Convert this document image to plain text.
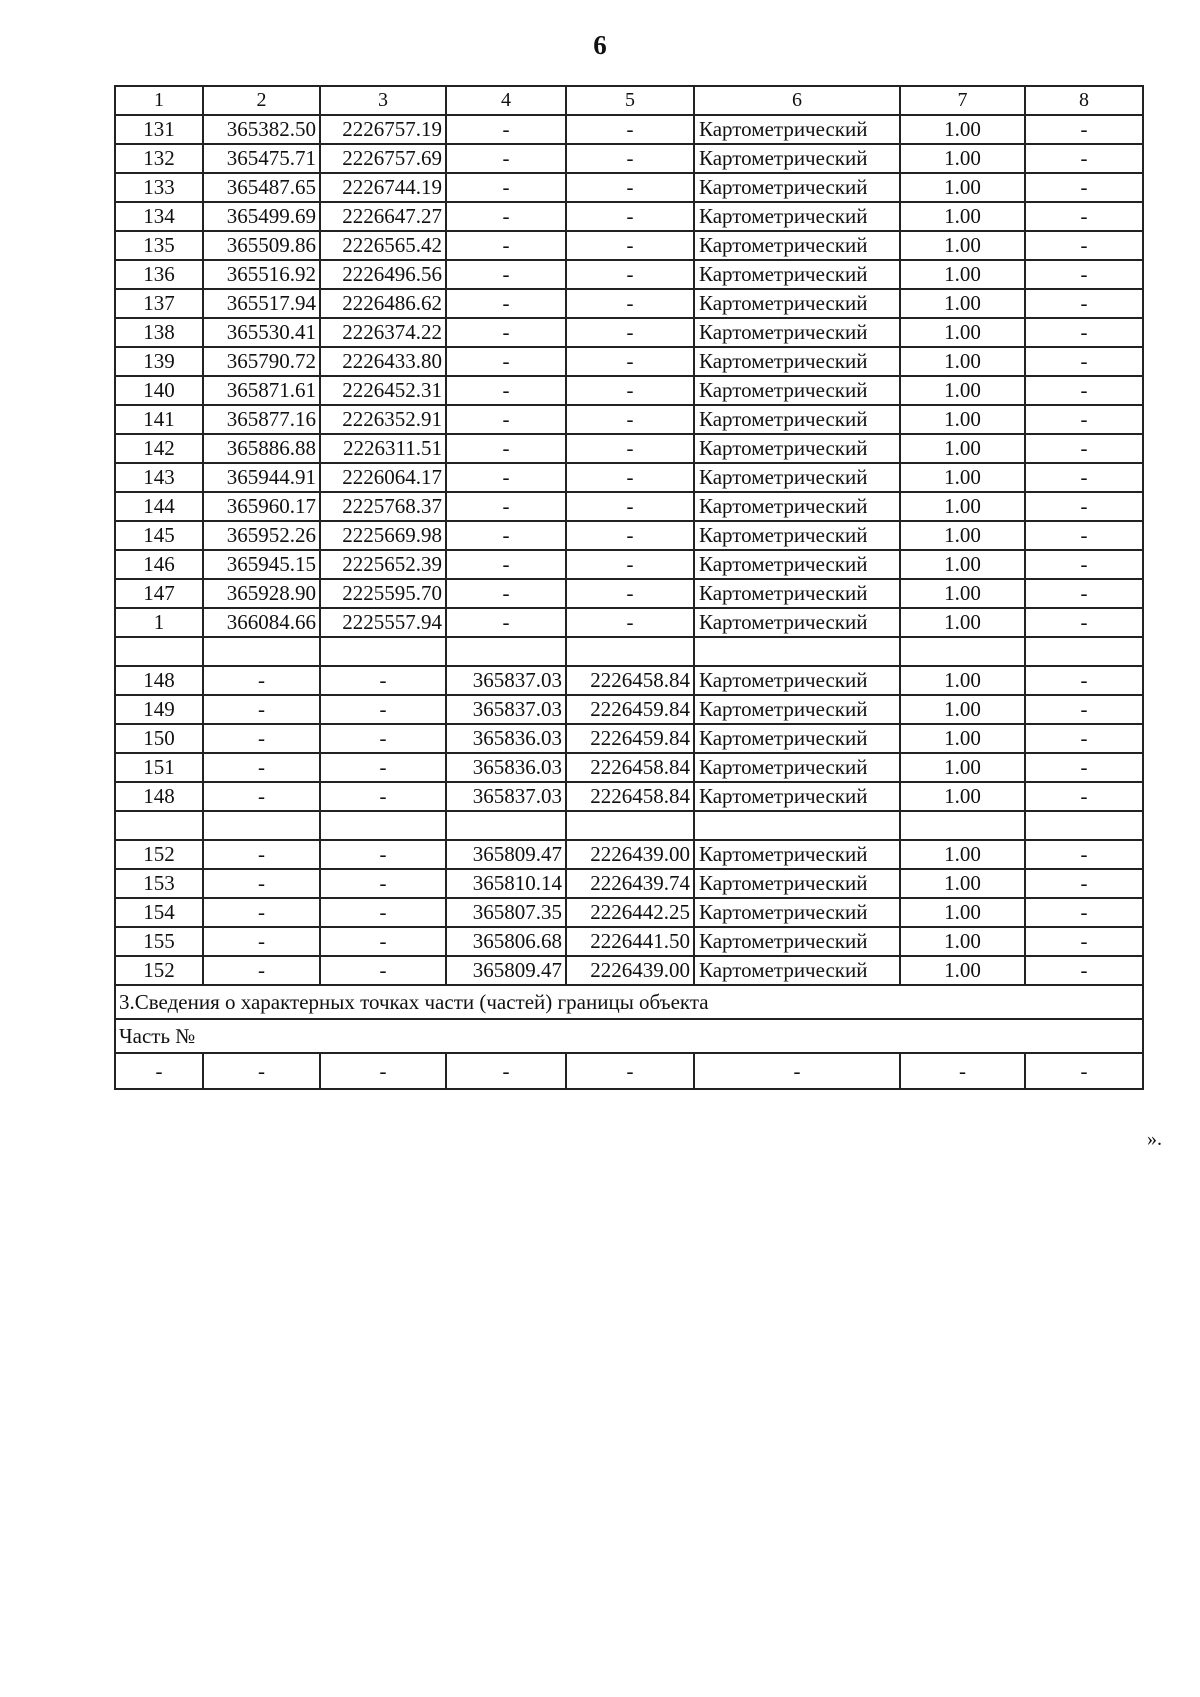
6
1	2	3	4	5	6	7	8
131	365382.50	2226757.19	-	-	Картометрический	1.00	-
132	365475.71	2226757.69	-	-	Картометрический	1.00	-
133	365487.65	2226744.19	-	-	Картометрический	1.00	-
134	365499.69	2226647.27	-	-	Картометрический	1.00	-
135	365509.86	2226565.42	-	-	Картометрический	1.00	-
136	365516.92	2226496.56	-	-	Картометрический	1.00	-
137	365517.94	2226486.62	-	-	Картометрический	1.00	-
138	365530.41	2226374.22	-	-	Картометрический	1.00	-
139	365790.72	2226433.80	-	-	Картометрический	1.00	-
140	365871.61	2226452.31	-	-	Картометрический	1.00	-
141	365877.16	2226352.91	-	-	Картометрический	1.00	-
142	365886.88	2226311.51	-	-	Картометрический	1.00	-
143	365944.91	2226064.17	-	-	Картометрический	1.00	-
144	365960.17	2225768.37	-	-	Картометрический	1.00	-
145	365952.26	2225669.98	-	-	Картометрический	1.00	-
146	365945.15	2225652.39	-	-	Картометрический	1.00	-
147	365928.90	2225595.70	-	-	Картометрический	1.00	-
1	366084.66	2225557.94	-	-	Картометрический	1.00	-

148	-	-	365837.03	2226458.84	Картометрический	1.00	-
149	-	-	365837.03	2226459.84	Картометрический	1.00	-
150	-	-	365836.03	2226459.84	Картометрический	1.00	-
151	-	-	365836.03	2226458.84	Картометрический	1.00	-
148	-	-	365837.03	2226458.84	Картометрический	1.00	-

152	-	-	365809.47	2226439.00	Картометрический	1.00	-
153	-	-	365810.14	2226439.74	Картометрический	1.00	-
154	-	-	365807.35	2226442.25	Картометрический	1.00	-
155	-	-	365806.68	2226441.50	Картометрический	1.00	-
152	-	-	365809.47	2226439.00	Картометрический	1.00	-
3.Сведения о характерных точках части (частей) границы объекта							
Часть №							
-	-	-	-	-	-	-	-
».
